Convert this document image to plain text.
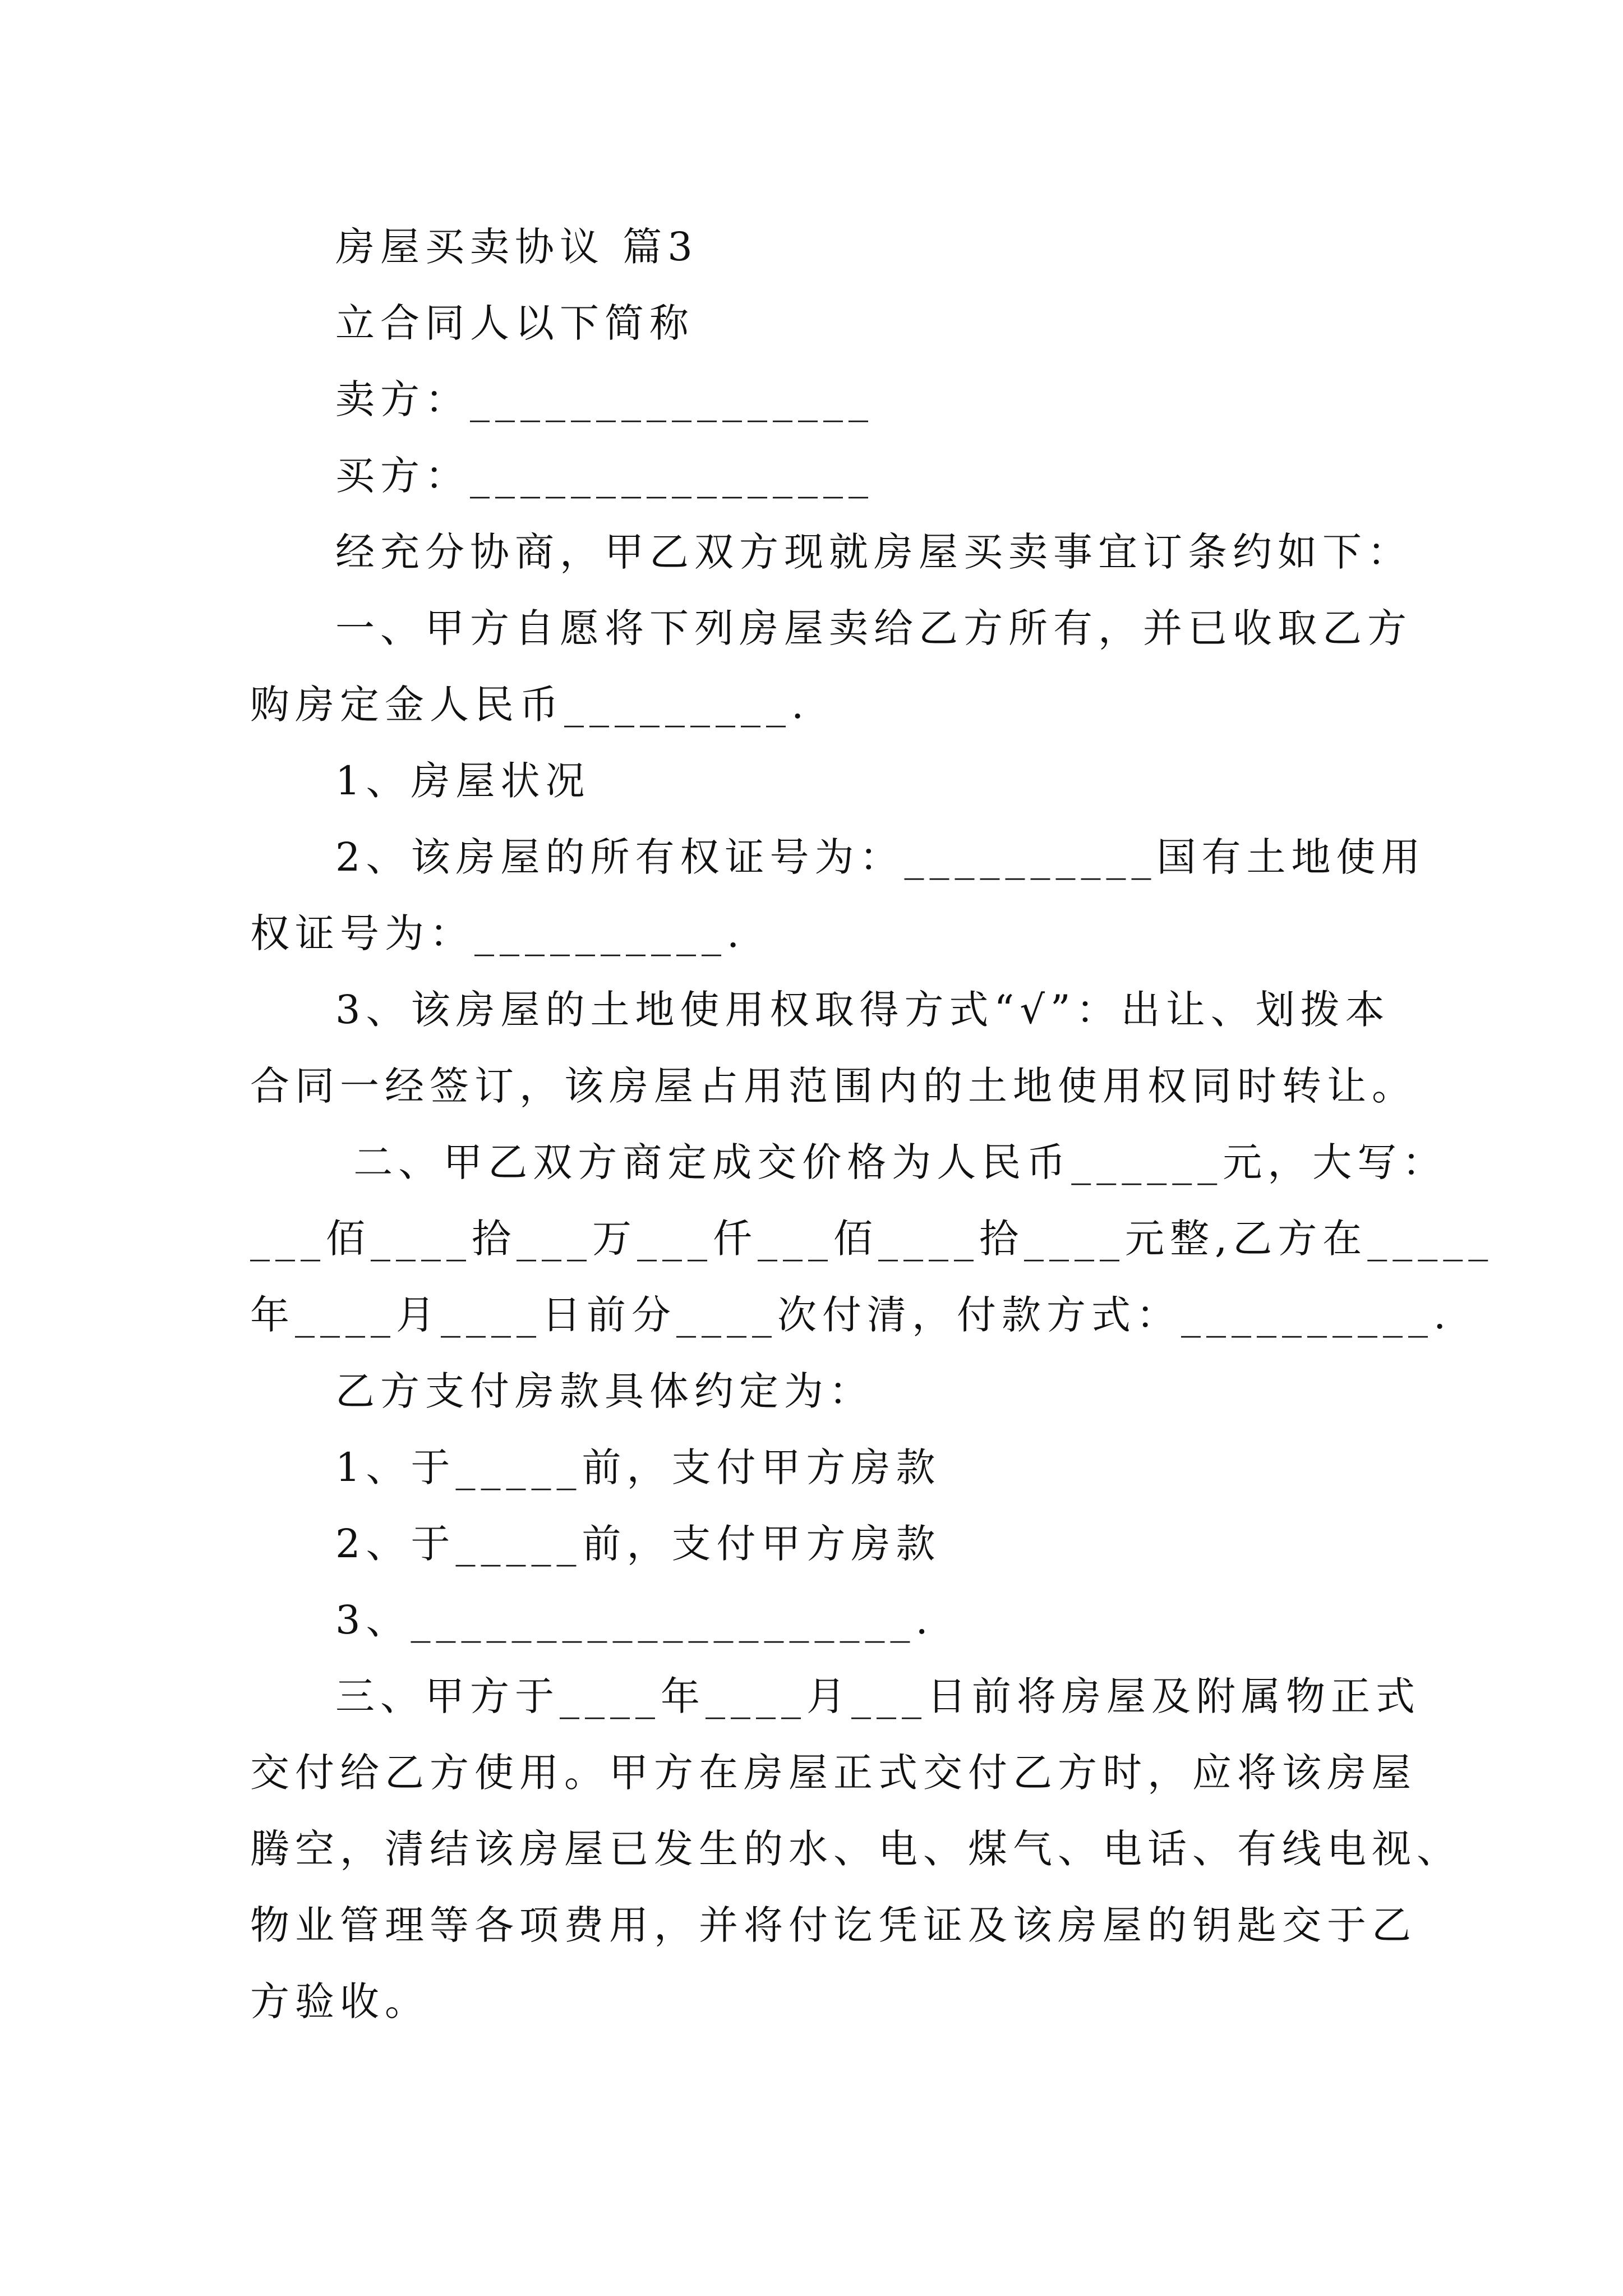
房屋买卖协议 篇3

立合同人以下简称

卖方：________________

买方：________________

经充分协商，甲乙双方现就房屋买卖事宜订条约如下：

一、甲方自愿将下列房屋卖给乙方所有，并已收取乙方

购房定金人民币_________.

1、房屋状况

2、该房屋的所有权证号为：__________国有土地使用

权证号为：__________.

3、该房屋的土地使用权取得方式“√”：出让、划拨本

合同一经签订，该房屋占用范围内的土地使用权同时转让。

二、甲乙双方商定成交价格为人民币______元，大写：

___佰____拾___万___仟___佰____拾____元整,乙方在_____

年____月____日前分____次付清，付款方式：__________.

乙方支付房款具体约定为：

1、于_____前，支付甲方房款

2、于_____前，支付甲方房款

3、____________________.

三、甲方于____年____月___日前将房屋及附属物正式

交付给乙方使用。甲方在房屋正式交付乙方时，应将该房屋

腾空，清结该房屋已发生的水、电、煤气、电话、有线电视、

物业管理等各项费用，并将付讫凭证及该房屋的钥匙交于乙

方验收。
